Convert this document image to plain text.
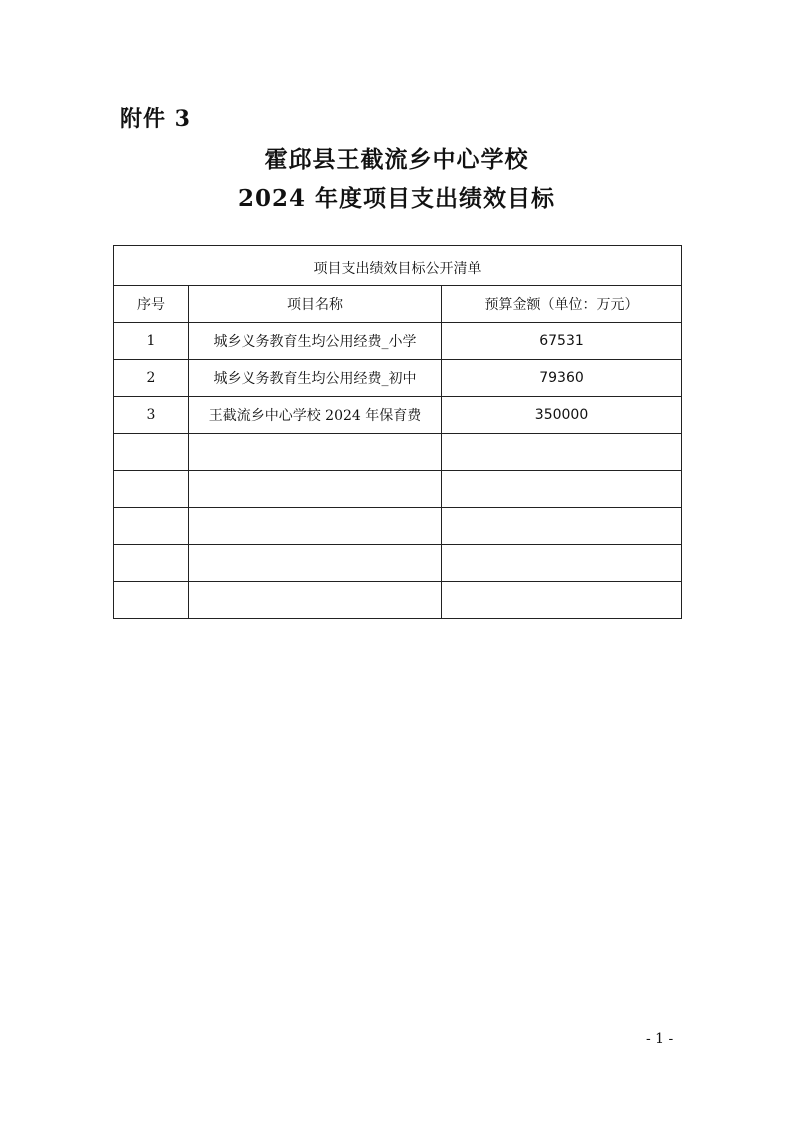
附件 3
霍邱县王截流乡中心学校
2024 年度项目支出绩效目标
项目支出绩效目标公开清单		
序号	项目名称	预算金额（单位：万元）
1	城乡义务教育生均公用经费_小学	67531
2	城乡义务教育生均公用经费_初中	79360
3	王截流乡中心学校 2024 年保育费	350000

- 1 -
